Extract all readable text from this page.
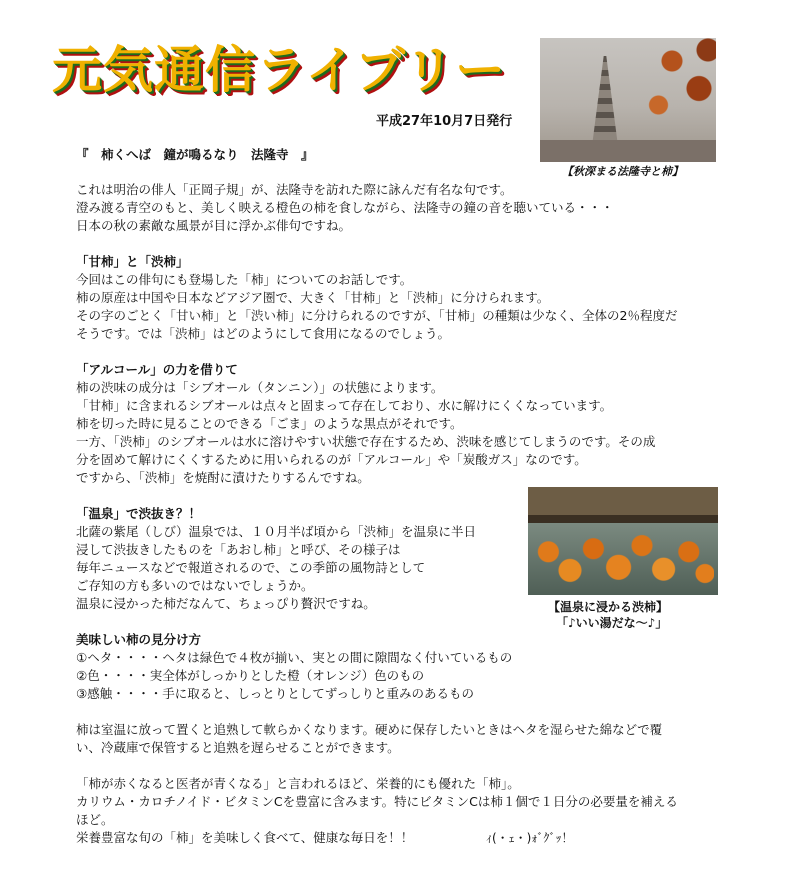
元気通信ライブリー
平成27年10月7日発行
【秋深まる法隆寺と柿】
『　柿くへば　鐘が鳴るなり　法隆寺　』
これは明治の俳人「正岡子規」が、法隆寺を訪れた際に詠んだ有名な句です。
澄み渡る青空のもと、美しく映える橙色の柿を食しながら、法隆寺の鐘の音を聴いている・・・
日本の秋の素敵な風景が目に浮かぶ俳句ですね。
「甘柿」と「渋柿」
今回はこの俳句にも登場した「柿」についてのお話しです。
柿の原産は中国や日本などアジア圏で、大きく「甘柿」と「渋柿」に分けられます。
その字のごとく「甘い柿」と「渋い柿」に分けられるのですが、「甘柿」の種類は少なく、全体の2％程度だ
そうです。では「渋柿」はどのようにして食用になるのでしょう。
「アルコール」の力を借りて
柿の渋味の成分は「シブオール（タンニン）」の状態によります。
「甘柿」に含まれるシブオールは点々と固まって存在しており、水に解けにくくなっています。
柿を切った時に見ることのできる「ごま」のような黒点がそれです。
一方、「渋柿」のシブオールは水に溶けやすい状態で存在するため、渋味を感じてしまうのです。その成
分を固めて解けにくくするために用いられるのが「アルコール」や「炭酸ガス」なのです。
ですから、「渋柿」を焼酎に漬けたりするんですね。
「温泉」で渋抜き？！
北薩の紫尾（しび）温泉では、１０月半ば頃から「渋柿」を温泉に半日
浸して渋抜きしたものを「あおし柿」と呼び、その様子は
毎年ニュースなどで報道されるので、この季節の風物詩として
ご存知の方も多いのではないでしょうか。
温泉に浸かった柿だなんて、ちょっぴり贅沢ですね。	【温泉に浸かる渋柿】
「♪いい湯だな～♪」
美味しい柿の見分け方
①ヘタ・・・・ヘタは緑色で４枚が揃い、実との間に隙間なく付いているもの
②色・・・・実全体がしっかりとした橙（オレンジ）色のもの
③感触・・・・手に取ると、しっとりとしてずっしりと重みのあるもの
柿は室温に放って置くと追熟して軟らかくなります。硬めに保存したいときはヘタを湿らせた綿などで覆
い、冷蔵庫で保管すると追熟を遅らせることができます。
「柿が赤くなると医者が青くなる」と言われるほど、栄養的にも優れた「柿」。
カリウム・カロチノイド・ビタミンCを豊富に含みます。特にビタミンCは柿１個で１日分の必要量を補える
ほど。
栄養豊富な旬の「柿」を美味しく食べて、健康な毎日を！！	ｨ(・ｪ・)ｫﾞｸﾞｯ！
